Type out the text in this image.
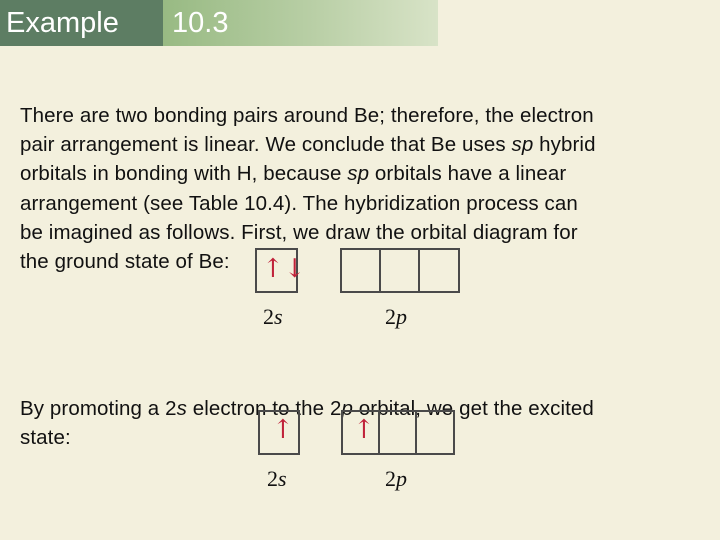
Example	10.3
There are two bonding pairs around Be; therefore, the electron
pair arrangement is linear. We conclude that Be uses sp hybrid
orbitals in bonding with H, because sp orbitals have a linear
arrangement (see Table 10.4). The hybridization process can
be imagined as follows. First, we draw the orbital diagram for
the ground state of Be:
By promoting a 2s electron to the 2p orbital, we get the excited
state:
↑↓
2s	2p
↑ ↑
2s	2p
